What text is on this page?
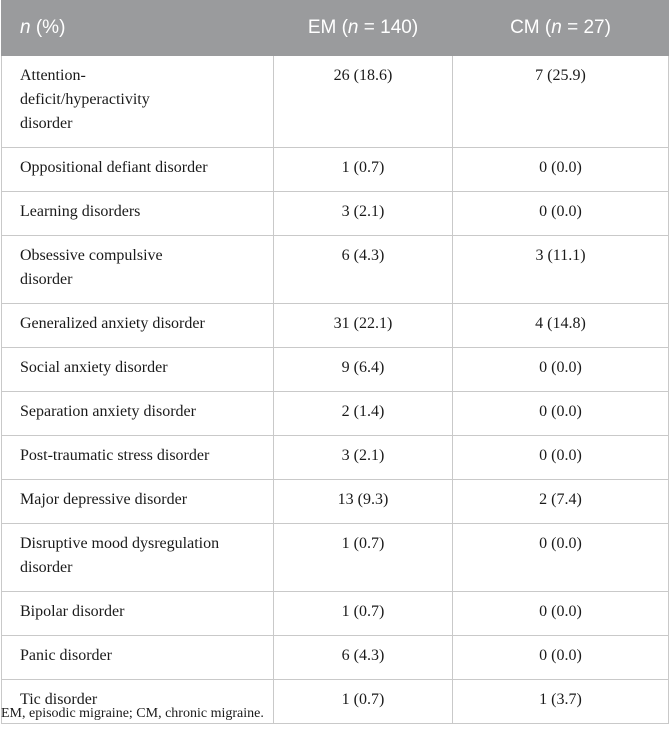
n (%)	EM (n = 140)	CM (n = 27)
Attention-deficit/hyperactivity disorder	26 (18.6)	7 (25.9)
Oppositional defiant disorder	1 (0.7)	0 (0.0)
Learning disorders	3 (2.1)	0 (0.0)
Obsessive compulsive disorder	6 (4.3)	3 (11.1)
Generalized anxiety disorder	31 (22.1)	4 (14.8)
Social anxiety disorder	9 (6.4)	0 (0.0)
Separation anxiety disorder	2 (1.4)	0 (0.0)
Post-traumatic stress disorder	3 (2.1)	0 (0.0)
Major depressive disorder	13 (9.3)	2 (7.4)
Disruptive mood dysregulation disorder	1 (0.7)	0 (0.0)
Bipolar disorder	1 (0.7)	0 (0.0)
Panic disorder	6 (4.3)	0 (0.0)
Tic disorder	1 (0.7)	1 (3.7)
EM, episodic migraine; CM, chronic migraine.
